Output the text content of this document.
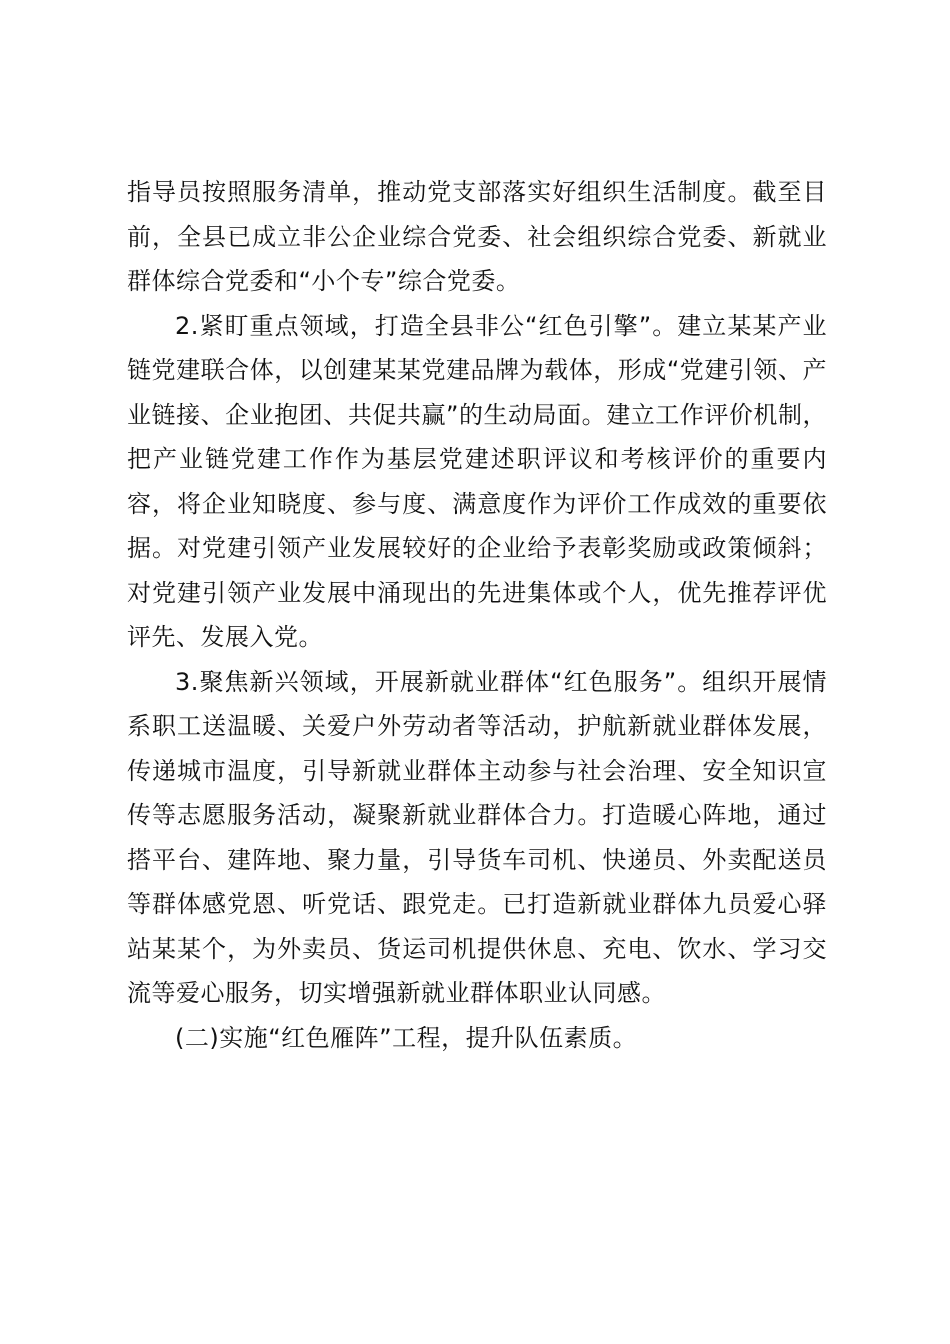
指导员按照服务清单，推动党支部落实好组织生活制度。截至目前，全县已成立非公企业综合党委、社会组织综合党委、新就业群体综合党委和“小个专”综合党委。

2.紧盯重点领域，打造全县非公“红色引擎”。建立某某产业链党建联合体，以创建某某党建品牌为载体，形成“党建引领、产业链接、企业抱团、共促共赢”的生动局面。建立工作评价机制，把产业链党建工作作为基层党建述职评议和考核评价的重要内容，将企业知晓度、参与度、满意度作为评价工作成效的重要依据。对党建引领产业发展较好的企业给予表彰奖励或政策倾斜；对党建引领产业发展中涌现出的先进集体或个人，优先推荐评优评先、发展入党。

3.聚焦新兴领域，开展新就业群体“红色服务”。组织开展情系职工送温暖、关爱户外劳动者等活动，护航新就业群体发展，传递城市温度，引导新就业群体主动参与社会治理、安全知识宣传等志愿服务活动，凝聚新就业群体合力。打造暖心阵地，通过搭平台、建阵地、聚力量，引导货车司机、快递员、外卖配送员等群体感党恩、听党话、跟党走。已打造新就业群体九员爱心驿站某某个，为外卖员、货运司机提供休息、充电、饮水、学习交流等爱心服务，切实增强新就业群体职业认同感。

(二)实施“红色雁阵”工程，提升队伍素质。
